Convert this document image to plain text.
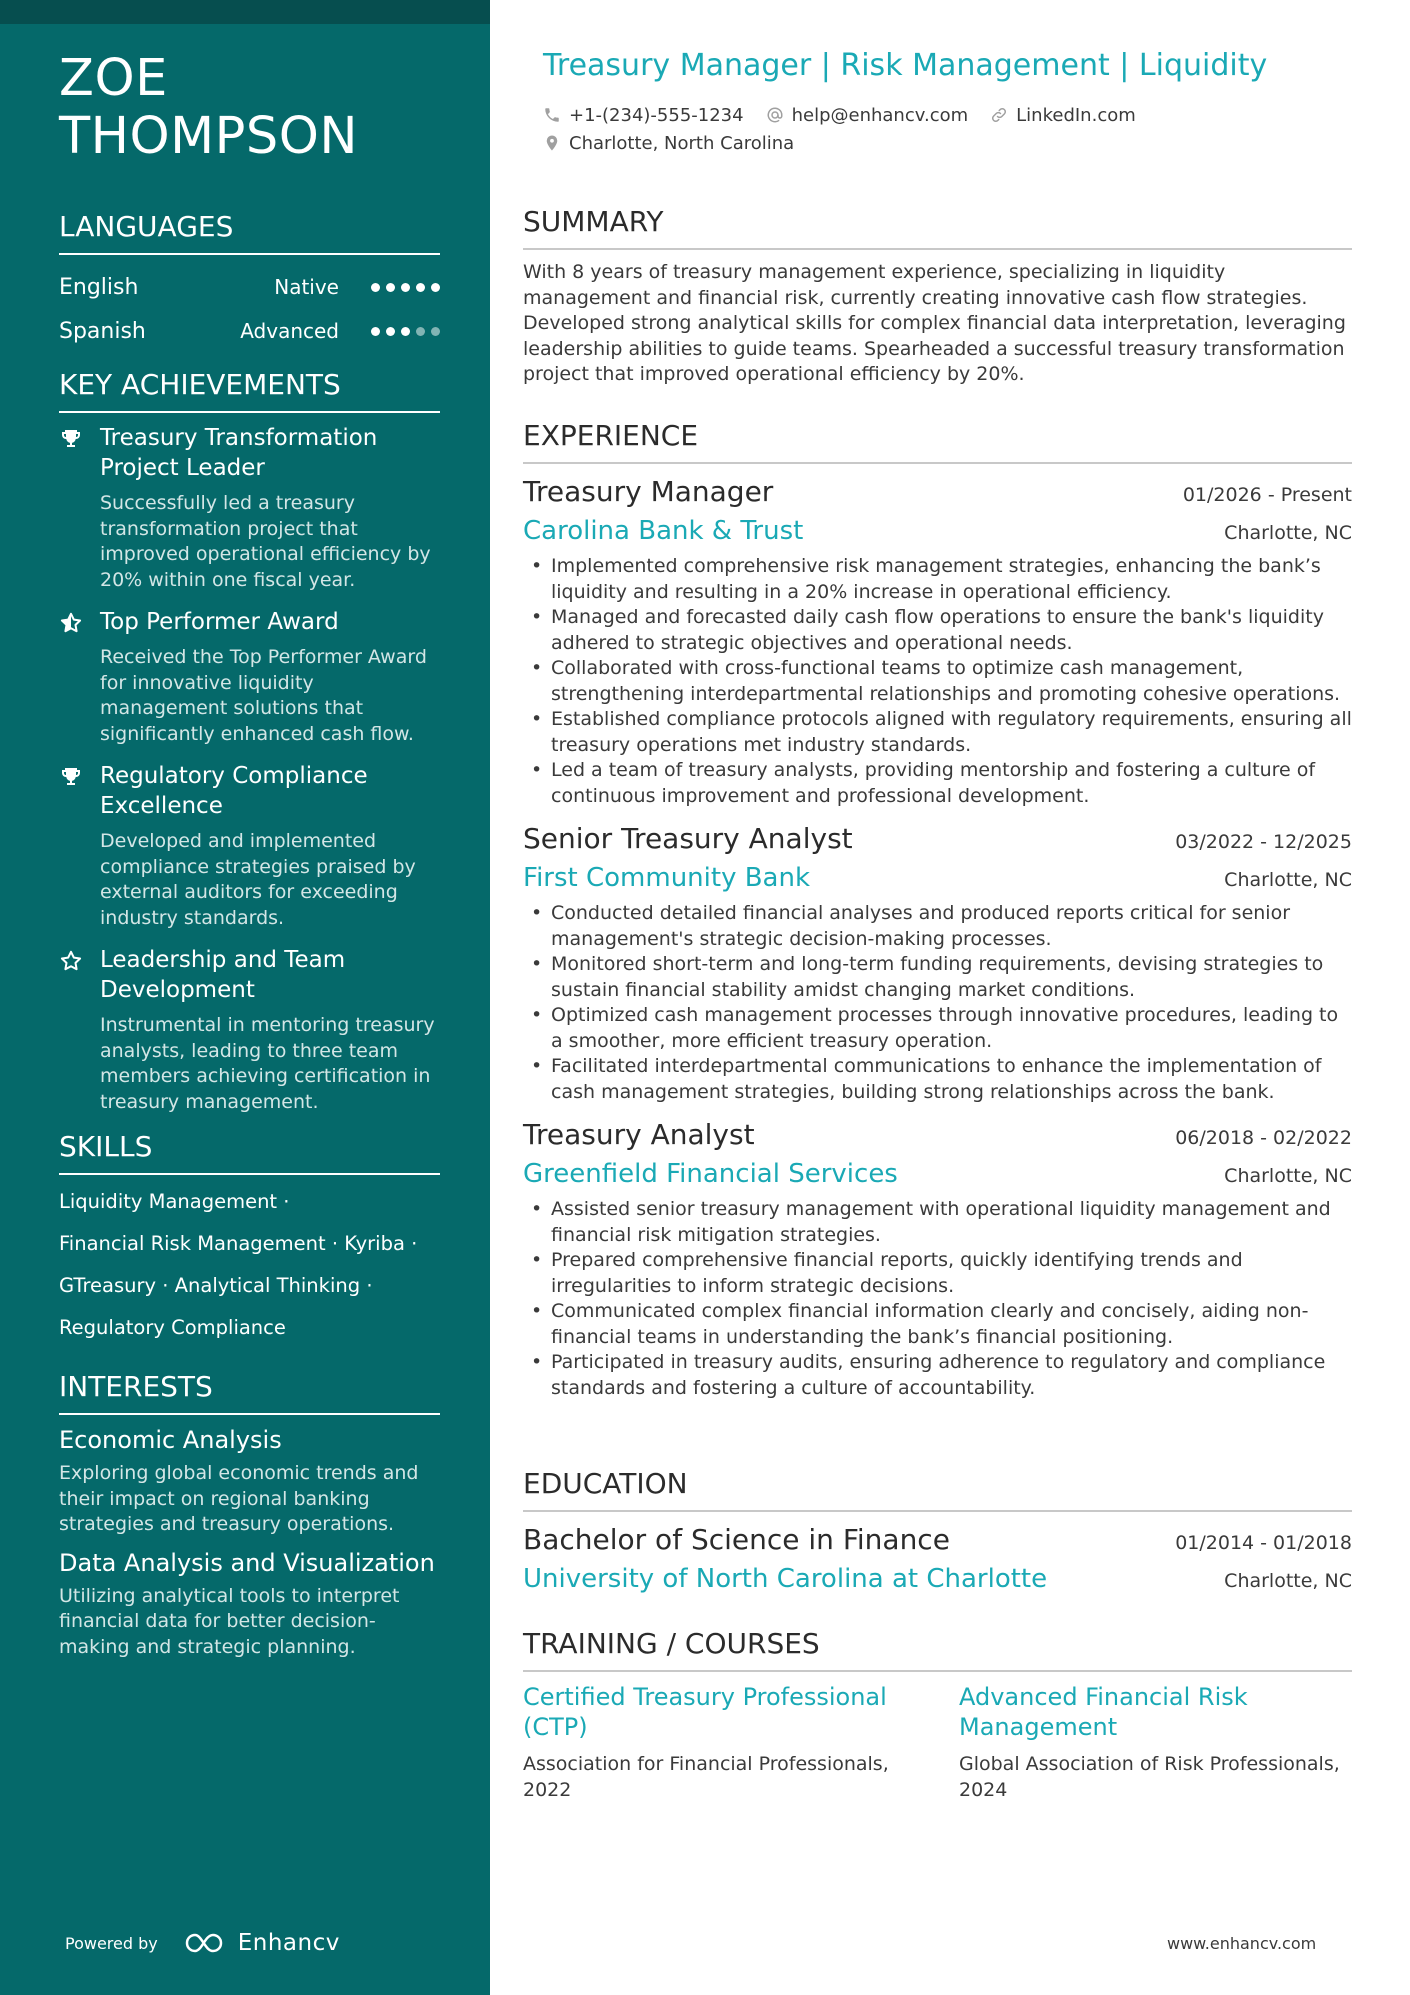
ZOE
THOMPSON
LANGUAGES
English	Native
Spanish	Advanced
KEY ACHIEVEMENTS
Treasury Transformation Project Leader
Successfully led a treasury transformation project that improved operational efficiency by 20% within one fiscal year.
Top Performer Award
Received the Top Performer Award for innovative liquidity management solutions that significantly enhanced cash flow.
Regulatory Compliance Excellence
Developed and implemented compliance strategies praised by external auditors for exceeding industry standards.
Leadership and Team Development
Instrumental in mentoring treasury analysts, leading to three team members achieving certification in treasury management.
SKILLS
Liquidity Management ·
Financial Risk Management · Kyriba ·
GTreasury · Analytical Thinking ·
Regulatory Compliance
INTERESTS
Economic Analysis
Exploring global economic trends and their impact on regional banking strategies and treasury operations.
Data Analysis and Visualization
Utilizing analytical tools to interpret financial data for better decision-making and strategic planning.
Powered by	Enhancv
Treasury Manager | Risk Management | Liquidity
+1-(234)-555-1234	help@enhancv.com	LinkedIn.com
Charlotte, North Carolina
SUMMARY
With 8 years of treasury management experience, specializing in liquidity management and financial risk, currently creating innovative cash flow strategies. Developed strong analytical skills for complex financial data interpretation, leveraging leadership abilities to guide teams. Spearheaded a successful treasury transformation project that improved operational efficiency by 20%.
EXPERIENCE
Treasury Manager	01/2026 - Present
Carolina Bank & Trust	Charlotte, NC
• Implemented comprehensive risk management strategies, enhancing the bank’s liquidity and resulting in a 20% increase in operational efficiency.
• Managed and forecasted daily cash flow operations to ensure the bank's liquidity adhered to strategic objectives and operational needs.
• Collaborated with cross-functional teams to optimize cash management, strengthening interdepartmental relationships and promoting cohesive operations.
• Established compliance protocols aligned with regulatory requirements, ensuring all treasury operations met industry standards.
• Led a team of treasury analysts, providing mentorship and fostering a culture of continuous improvement and professional development.
Senior Treasury Analyst	03/2022 - 12/2025
First Community Bank	Charlotte, NC
• Conducted detailed financial analyses and produced reports critical for senior management's strategic decision-making processes.
• Monitored short-term and long-term funding requirements, devising strategies to sustain financial stability amidst changing market conditions.
• Optimized cash management processes through innovative procedures, leading to a smoother, more efficient treasury operation.
• Facilitated interdepartmental communications to enhance the implementation of cash management strategies, building strong relationships across the bank.
Treasury Analyst	06/2018 - 02/2022
Greenfield Financial Services	Charlotte, NC
• Assisted senior treasury management with operational liquidity management and financial risk mitigation strategies.
• Prepared comprehensive financial reports, quickly identifying trends and irregularities to inform strategic decisions.
• Communicated complex financial information clearly and concisely, aiding non-financial teams in understanding the bank’s financial positioning.
• Participated in treasury audits, ensuring adherence to regulatory and compliance standards and fostering a culture of accountability.
EDUCATION
Bachelor of Science in Finance	01/2014 - 01/2018
University of North Carolina at Charlotte	Charlotte, NC
TRAINING / COURSES
Certified Treasury Professional (CTP)
Association for Financial Professionals, 2022
Advanced Financial Risk Management
Global Association of Risk Professionals, 2024
www.enhancv.com
